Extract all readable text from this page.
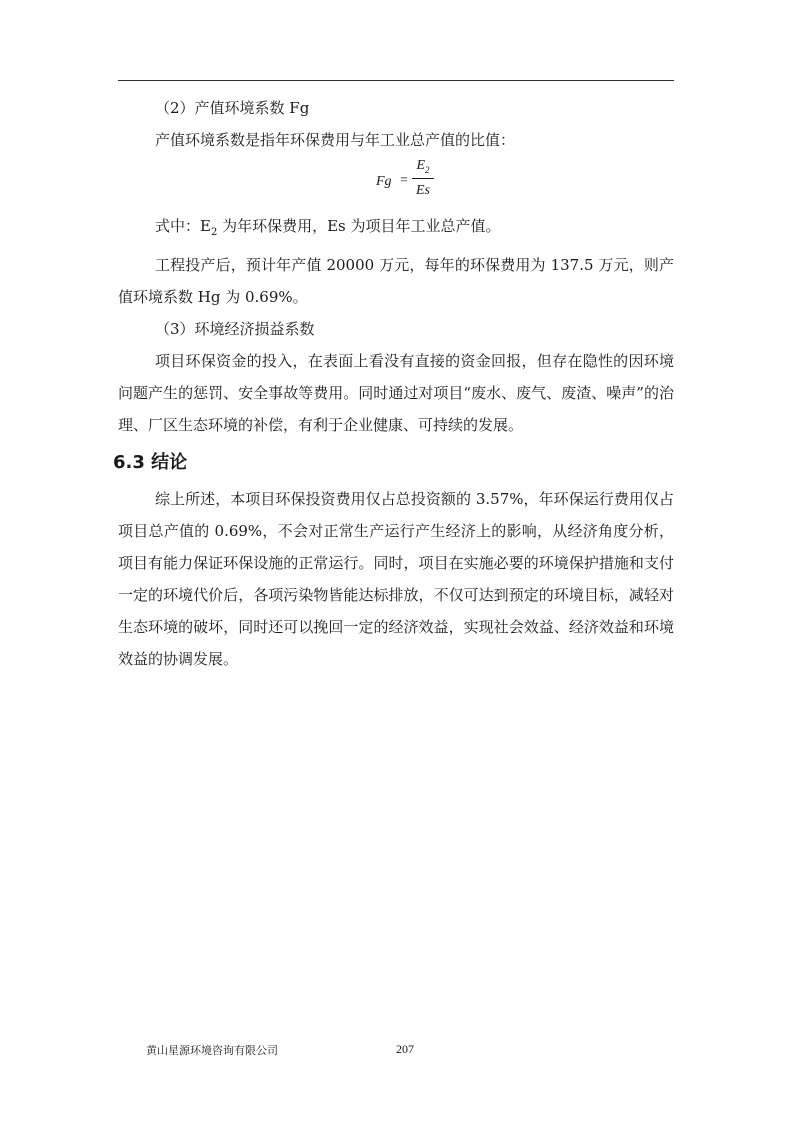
（2）产值环境系数 Fg

产值环境系数是指年环保费用与年工业总产值的比值：

Fg =
$E_2$
Es

式中：$E_2$ 为年环保费用，Es 为项目年工业总产值。

工程投产后，预计年产值 20000 万元，每年的环保费用为 137.5 万元，则产值环境系数 Hg 为 0.69%。

（3）环境经济损益系数

项目环保资金的投入，在表面上看没有直接的资金回报，但存在隐性的因环境问题产生的惩罚、安全事故等费用。同时通过对项目“废水、废气、废渣、噪声”的治理、厂区生态环境的补偿，有利于企业健康、可持续的发展。

6.3 结论

综上所述，本项目环保投资费用仅占总投资额的 3.57%，年环保运行费用仅占项目总产值的 0.69%，不会对正常生产运行产生经济上的影响，从经济角度分析，项目有能力保证环保设施的正常运行。同时，项目在实施必要的环境保护措施和支付一定的环境代价后，各项污染物皆能达标排放，不仅可达到预定的环境目标，减轻对生态环境的破坏，同时还可以挽回一定的经济效益，实现社会效益、经济效益和环境效益的协调发展。

黄山星源环境咨询有限公司	207
